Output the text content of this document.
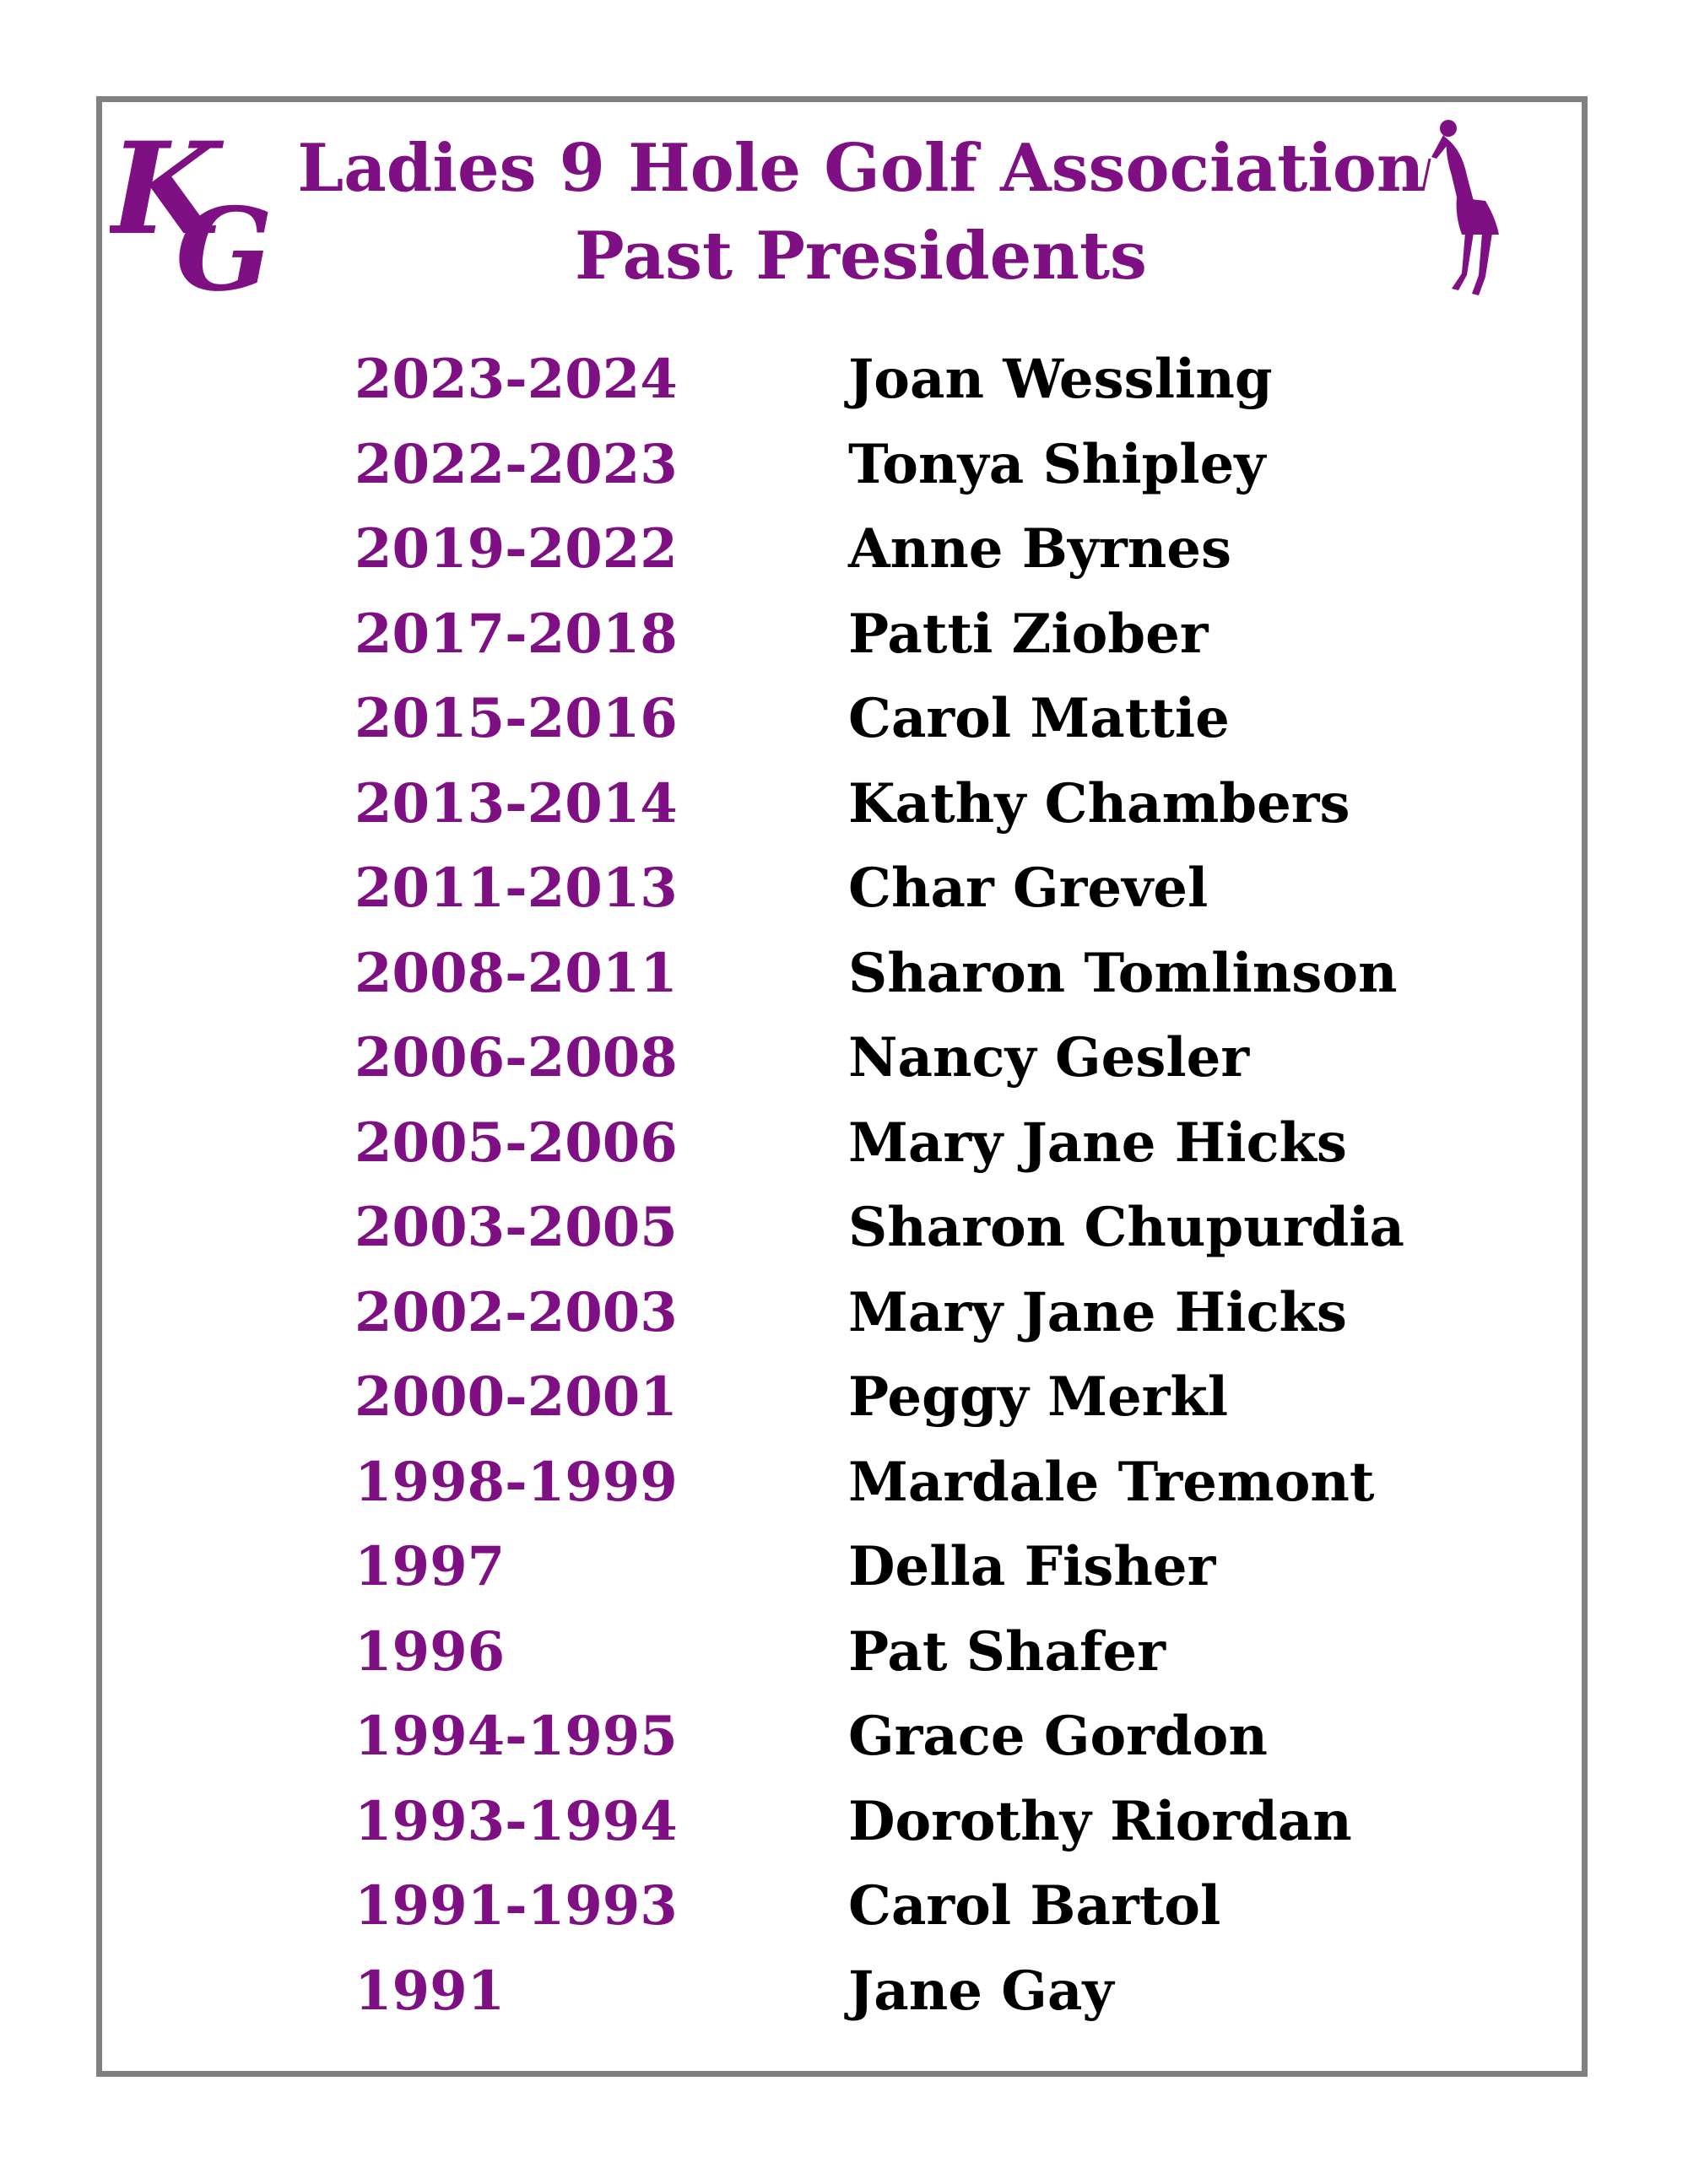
K
G
Ladies 9 Hole Golf Association
Past Presidents
2023-2024	Joan Wessling
2022-2023	Tonya Shipley
2019-2022	Anne Byrnes
2017-2018	Patti Ziober
2015-2016	Carol Mattie
2013-2014	Kathy Chambers
2011-2013	Char Grevel
2008-2011	Sharon Tomlinson
2006-2008	Nancy Gesler
2005-2006	Mary Jane Hicks
2003-2005	Sharon Chupurdia
2002-2003	Mary Jane Hicks
2000-2001	Peggy Merkl
1998-1999	Mardale Tremont
1997	Della Fisher
1996	Pat Shafer
1994-1995	Grace Gordon
1993-1994	Dorothy Riordan
1991-1993	Carol Bartol
1991	Jane Gay
